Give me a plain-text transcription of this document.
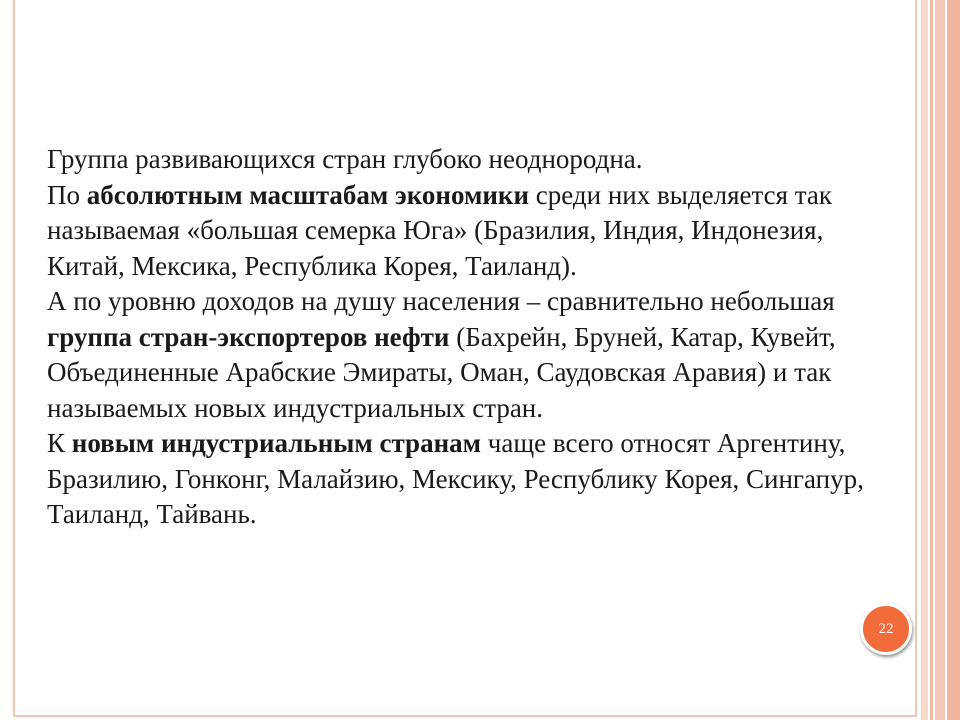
Группа развивающихся стран глубоко неоднородна.

По абсолютным масштабам экономики среди них выделяется так называемая «большая семерка Юга» (Бразилия, Индия, Индонезия, Китай, Мексика, Республика Корея, Таиланд).

А по уровню доходов на душу населения – сравнительно небольшая группа стран-экспортеров нефти (Бахрейн, Бруней, Катар, Кувейт, Объединенные Арабские Эмираты, Оман, Саудовская Аравия) и так называемых новых индустриальных стран.

К новым индустриальным странам чаще всего относят Аргентину, Бразилию, Гонконг, Малайзию, Мексику, Республику Корея, Сингапур, Таиланд, Тайвань.

22
